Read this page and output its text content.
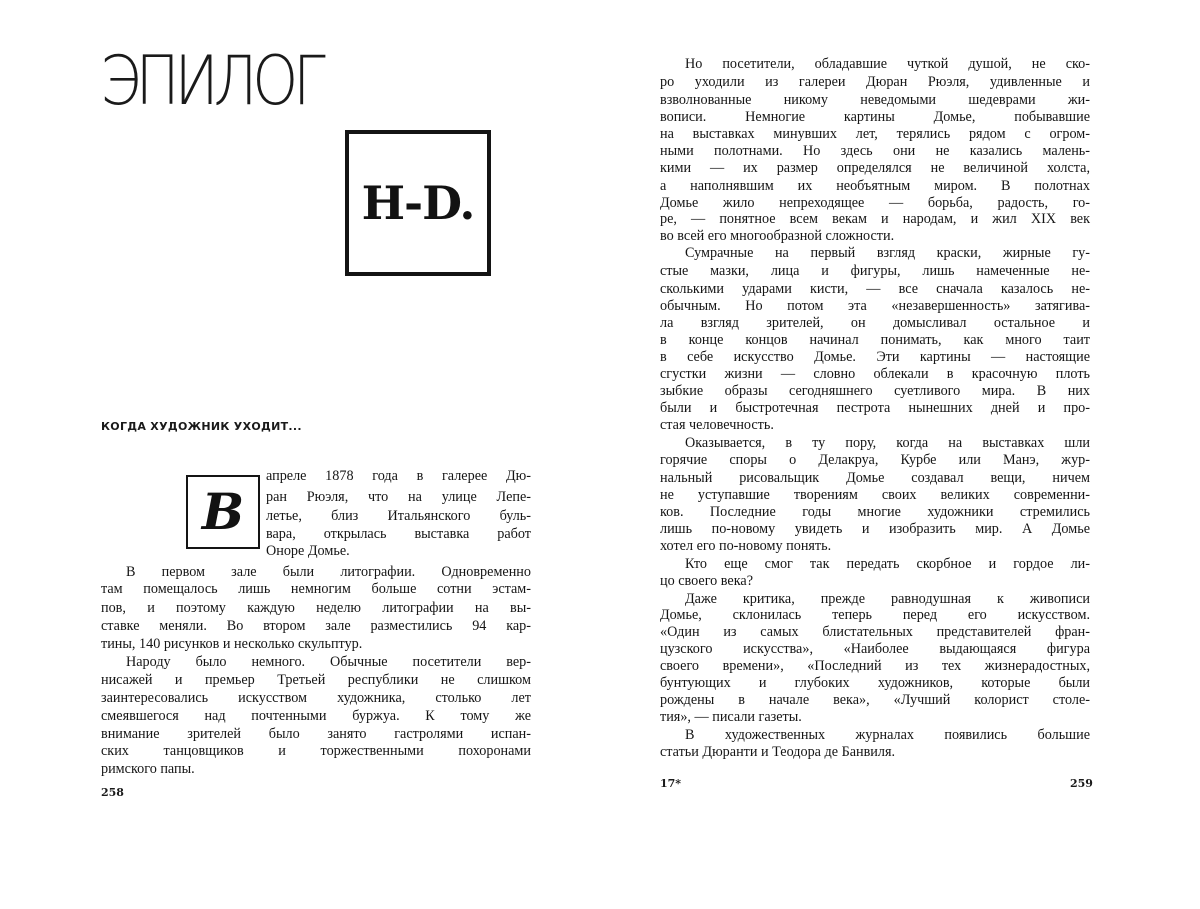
ЭПИЛОГ
H-D.
КОГДА ХУДОЖНИК УХОДИТ...
В
апреле 1878 года в галерее Дю-
ран Рюэля, что на улице Лепе-
летье, близ Итальянского буль-
вара, открылась выставка работ
Оноре Домье.
В первом зале были литографии. Одновременно
там помещалось лишь немногим больше сотни эстам-
пов, и поэтому каждую неделю литографии на вы-
ставке меняли. Во втором зале разместились 94 кар-
тины, 140 рисунков и несколько скульптур.
Народу было немного. Обычные посетители вер-
нисажей и премьер Третьей республики не слишком
заинтересовались искусством художника, столько лет
смеявшегося над почтенными буржуа. К тому же
внимание зрителей было занято гастролями испан-
ских танцовщиков и торжественными похоронами
римского папы.
258
Но посетители, обладавшие чуткой душой, не ско-
ро уходили из галереи Дюран Рюэля, удивленные и
взволнованные никому неведомыми шедеврами жи-
вописи. Немногие картины Домье, побывавшие
на выставках минувших лет, терялись рядом с огром-
ными полотнами. Но здесь они не казались малень-
кими — их размер определялся не величиной холста,
а наполнявшим их необъятным миром. В полотнах
Домье жило непреходящее — борьба, радость, го-
ре, — понятное всем векам и народам, и жил XIX век
во всей его многообразной сложности.
Сумрачные на первый взгляд краски, жирные гу-
стые мазки, лица и фигуры, лишь намеченные не-
сколькими ударами кисти, — все сначала казалось не-
обычным. Но потом эта «незавершенность» затягива-
ла взгляд зрителей, он домысливал остальное и
в конце концов начинал понимать, как много таит
в себе искусство Домье. Эти картины — настоящие
сгустки жизни — словно облекали в красочную плоть
зыбкие образы сегодняшнего суетливого мира. В них
были и быстротечная пестрота нынешних дней и про-
стая человечность.
Оказывается, в ту пору, когда на выставках шли
горячие споры о Делакруа, Курбе или Манэ, жур-
нальный рисовальщик Домье создавал вещи, ничем
не уступавшие творениям своих великих современни-
ков. Последние годы многие художники стремились
лишь по-новому увидеть и изобразить мир. А Домье
хотел его по-новому понять.
Кто еще смог так передать скорбное и гордое ли-
цо своего века?
Даже критика, прежде равнодушная к живописи
Домье, склонилась теперь перед его искусством.
«Один из самых блистательных представителей фран-
цузского искусства», «Наиболее выдающаяся фигура
своего времени», «Последний из тех жизнерадостных,
бунтующих и глубоких художников, которые были
рождены в начале века», «Лучший колорист столе-
тия», — писали газеты.
В художественных журналах появились большие
статьи Дюранти и Теодора де Банвиля.
17*	259
